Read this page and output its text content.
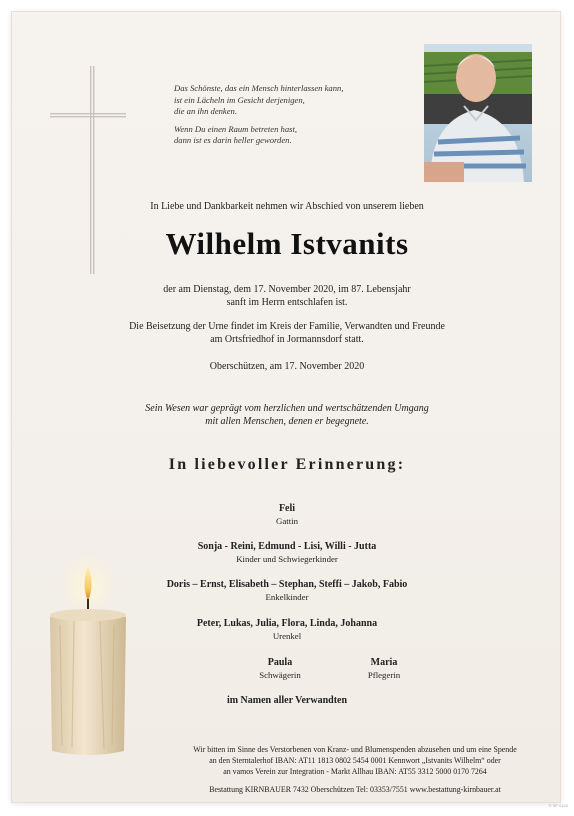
Das Schönste, das ein Mensch hinterlassen kann,
ist ein Lächeln im Gesicht derjenigen,
die an ihn denken.

Wenn Du einen Raum betreten hast,
dann ist es darin heller geworden.

In Liebe und Dankbarkeit nehmen wir Abschied von unserem lieben
Wilhelm Istvanits
der am Dienstag, dem 17. November 2020, im 87. Lebensjahr
sanft im Herrn entschlafen ist.
Die Beisetzung der Urne findet im Kreis der Familie, Verwandten und Freunde
am Ortsfriedhof in Jormannsdorf statt.
Oberschützen, am 17. November 2020
Sein Wesen war geprägt vom herzlichen und wertschätzenden Umgang
mit allen Menschen, denen er begegnete.
In liebevoller Erinnerung:
Feli
Gattin
Sonja - Reini, Edmund - Lisi, Willi - Jutta
Kinder und Schwiegerkinder
Doris – Ernst, Elisabeth – Stephan, Steffi – Jakob, Fabio
Enkelkinder
Peter, Lukas, Julia, Flora, Linda, Johanna
Urenkel
Paula
Schwägerin
Maria
Pflegerin
im Namen aller Verwandten
Wir bitten im Sinne des Verstorbenen von Kranz- und Blumenspenden abzusehen und um eine Spende
an den Sterntalerhof IBAN: AT11 1813 0802 5454 0001 Kennwort „Istvanits Wilhelm“ oder
an vamos Verein zur Integration - Markt Allhau IBAN: AT55 3312 5000 0170 7264
Bestattung KIRNBAUER 7432 Oberschützen Tel: 03353/7551 www.bestattung-kirnbauer.at
© SP 0120
